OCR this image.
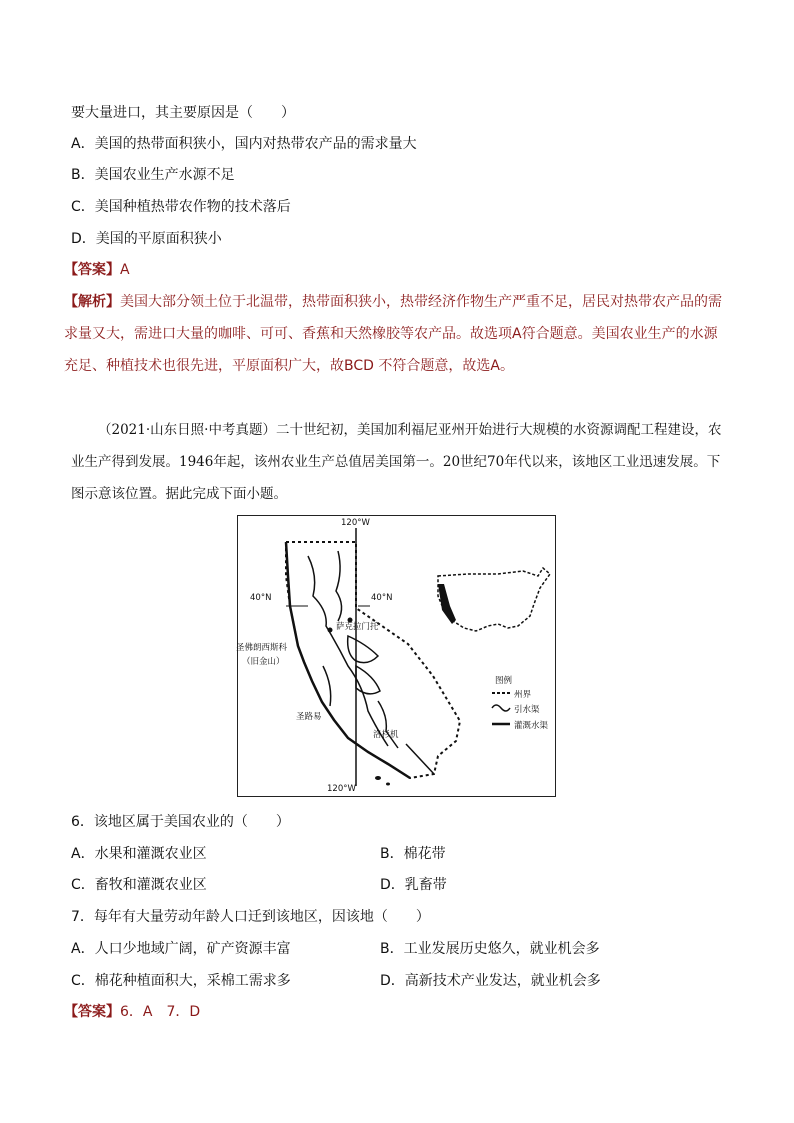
要大量进口，其主要原因是（　　）
A．美国的热带面积狭小，国内对热带农产品的需求量大
B．美国农业生产水源不足
C．美国种植热带农作物的技术落后
D．美国的平原面积狭小
【答案】A
【解析】美国大部分领土位于北温带，热带面积狭小，热带经济作物生产严重不足，居民对热带农产品的需求量又大，需进口大量的咖啡、可可、香蕉和天然橡胶等农产品。故选项A符合题意。美国农业生产的水源充足、种植技术也很先进，平原面积广大，故BCD 不符合题意，故选A。
（2021·山东日照·中考真题）二十世纪初，美国加利福尼亚州开始进行大规模的水资源调配工程建设，农业生产得到发展。1946年起，该州农业生产总值居美国第一。20世纪70年代以来，该地区工业迅速发展。下图示意该位置。据此完成下面小题。
120°W
120°W
40°N	40°N
萨克拉门托
圣佛朗西斯科
（旧金山）
圣路易
洛杉机
图例
州界
引水渠
灌溉水渠
6．该地区属于美国农业的（　　）
A．水果和灌溉农业区	B．棉花带
C．畜牧和灌溉农业区	D．乳畜带
7．每年有大量劳动年龄人口迁到该地区，因该地（　　）
A．人口少地域广阔，矿产资源丰富	B．工业发展历史悠久，就业机会多
C．棉花种植面积大，采棉工需求多	D．高新技术产业发达，就业机会多
【答案】6．A　7．D
